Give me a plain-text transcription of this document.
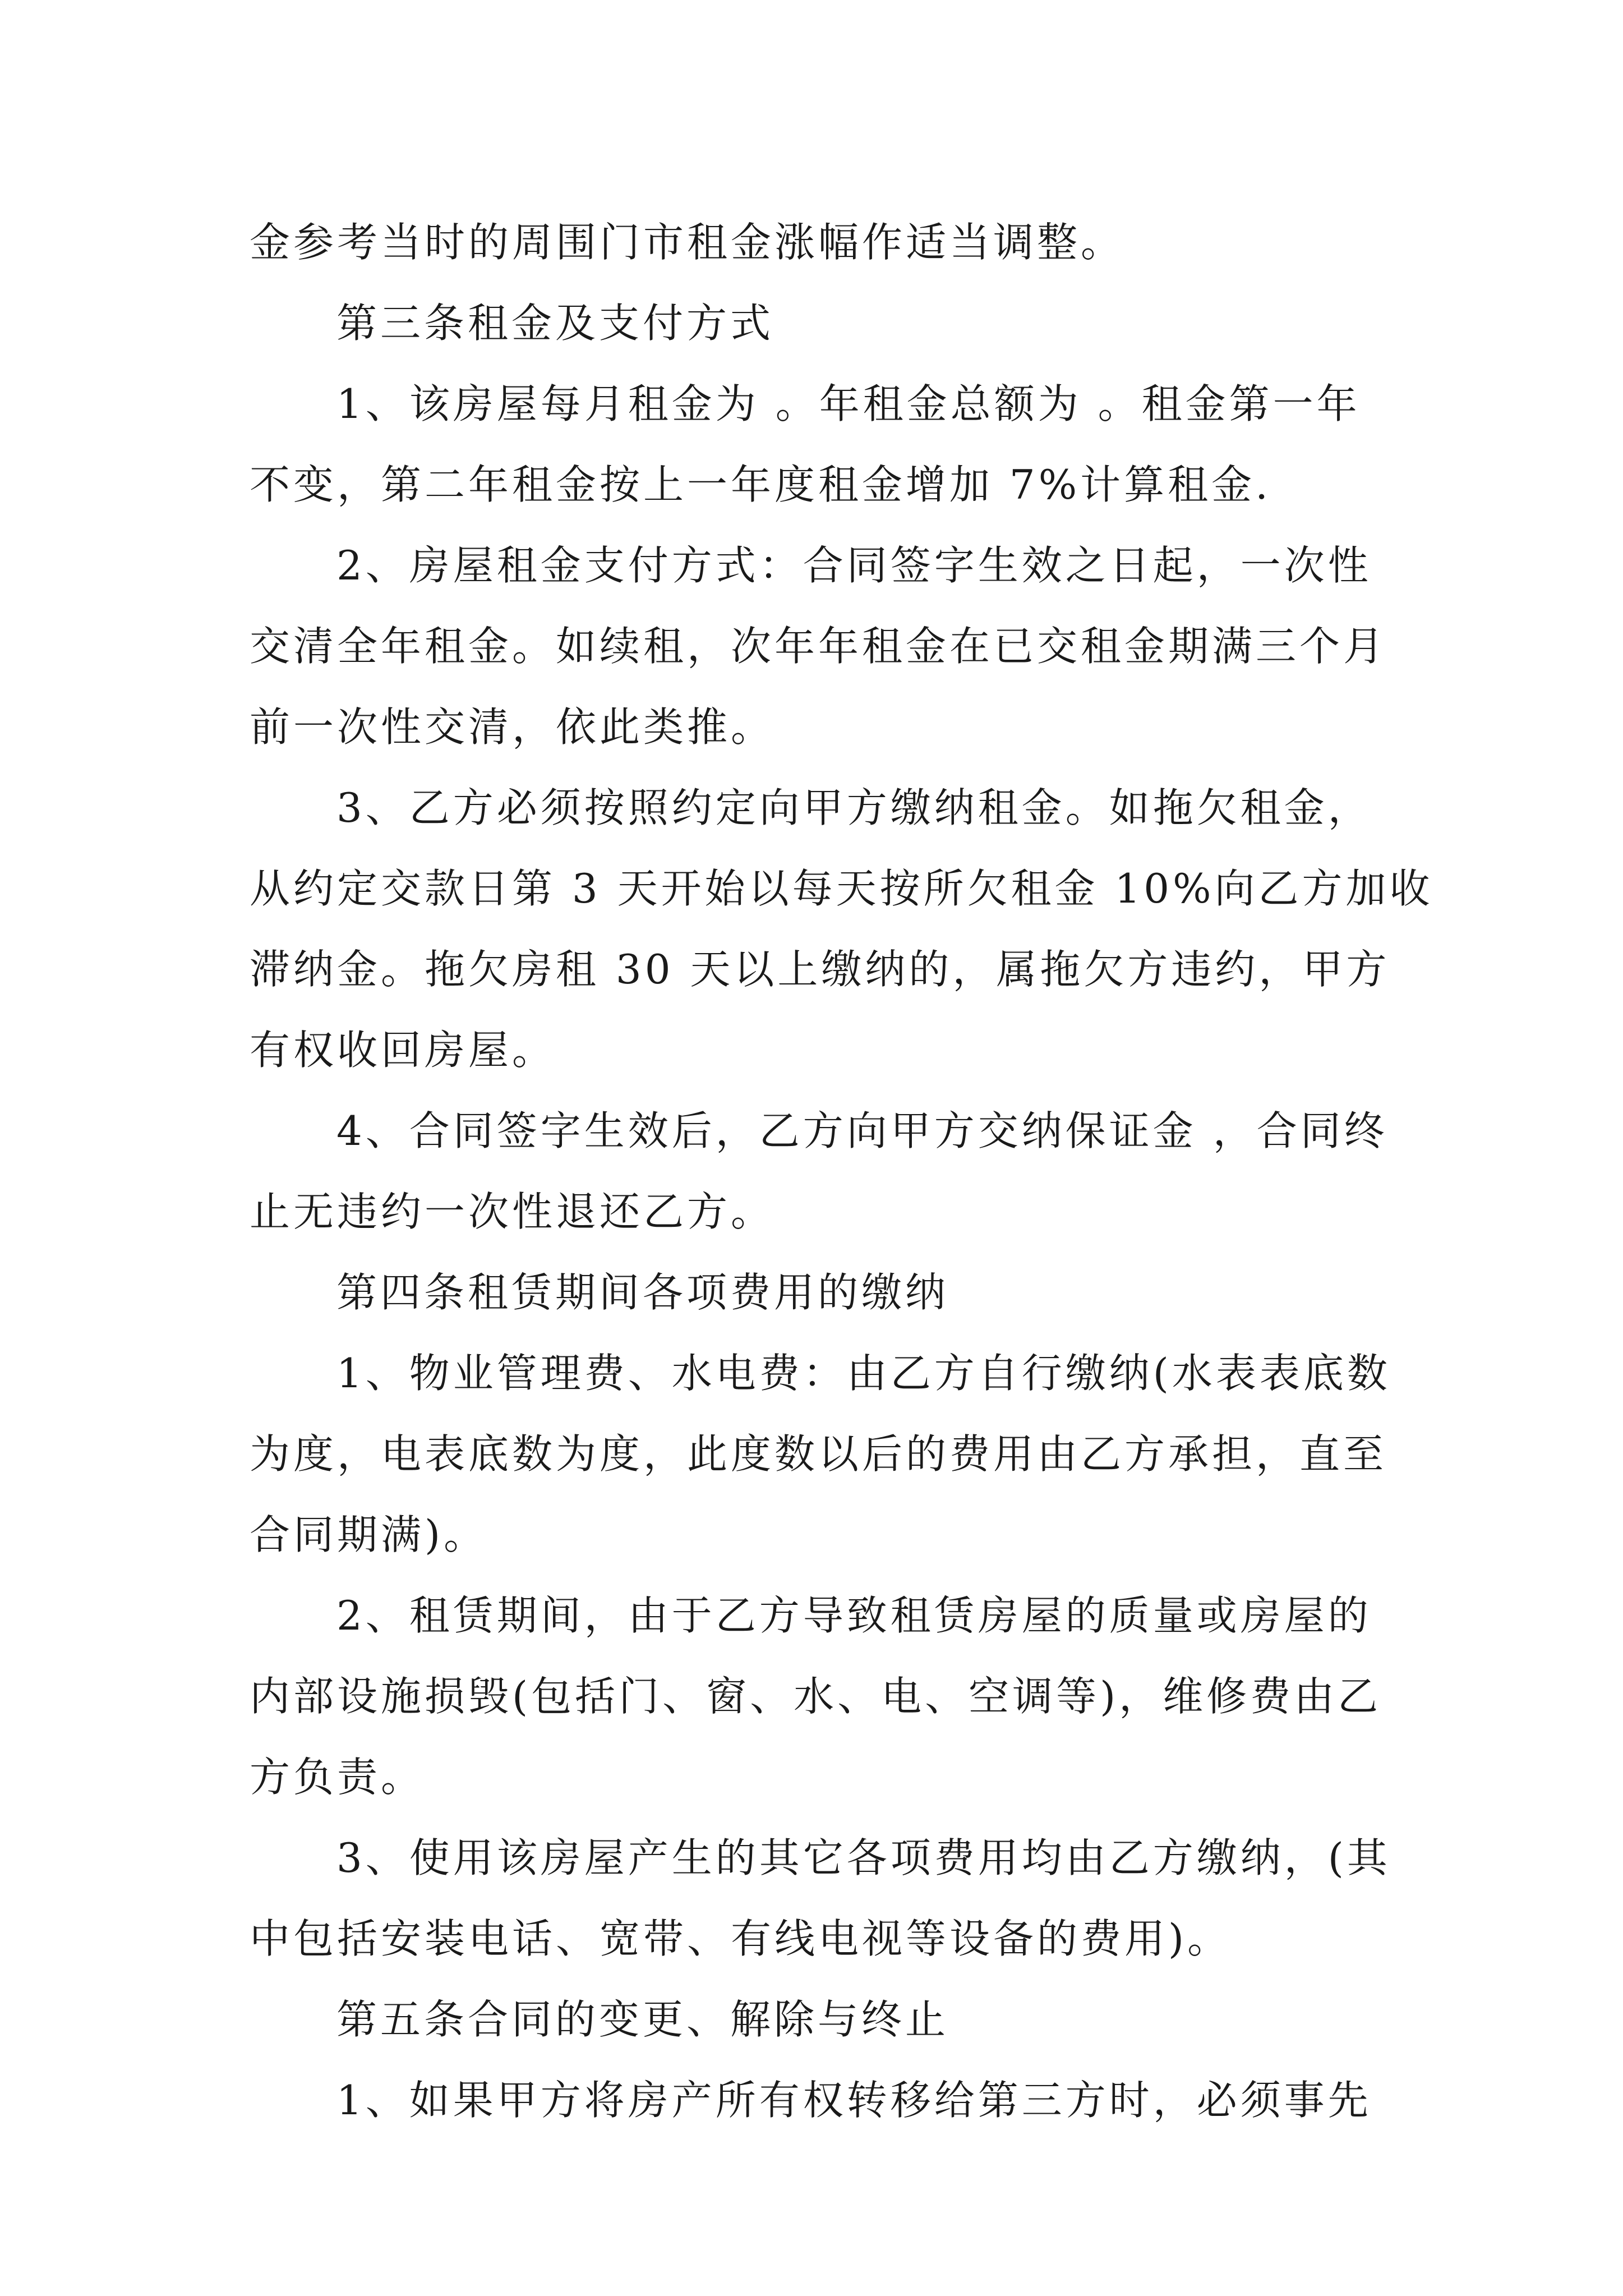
金参考当时的周围门市租金涨幅作适当调整。
第三条租金及支付方式
1、该房屋每月租金为 。年租金总额为 。租金第一年
不变，第二年租金按上一年度租金增加 7%计算租金.
2、房屋租金支付方式：合同签字生效之日起，一次性
交清全年租金。如续租，次年年租金在已交租金期满三个月
前一次性交清，依此类推。
3、乙方必须按照约定向甲方缴纳租金。如拖欠租金，
从约定交款日第 3 天开始以每天按所欠租金 10%向乙方加收
滞纳金。拖欠房租 30 天以上缴纳的，属拖欠方违约，甲方
有权收回房屋。
4、合同签字生效后，乙方向甲方交纳保证金 ，合同终
止无违约一次性退还乙方。
第四条租赁期间各项费用的缴纳
1、物业管理费、水电费：由乙方自行缴纳(水表表底数
为度，电表底数为度，此度数以后的费用由乙方承担，直至
合同期满)。
2、租赁期间，由于乙方导致租赁房屋的质量或房屋的
内部设施损毁(包括门、窗、水、电、空调等)，维修费由乙
方负责。
3、使用该房屋产生的其它各项费用均由乙方缴纳，(其
中包括安装电话、宽带、有线电视等设备的费用)。
第五条合同的变更、解除与终止
1、如果甲方将房产所有权转移给第三方时，必须事先
